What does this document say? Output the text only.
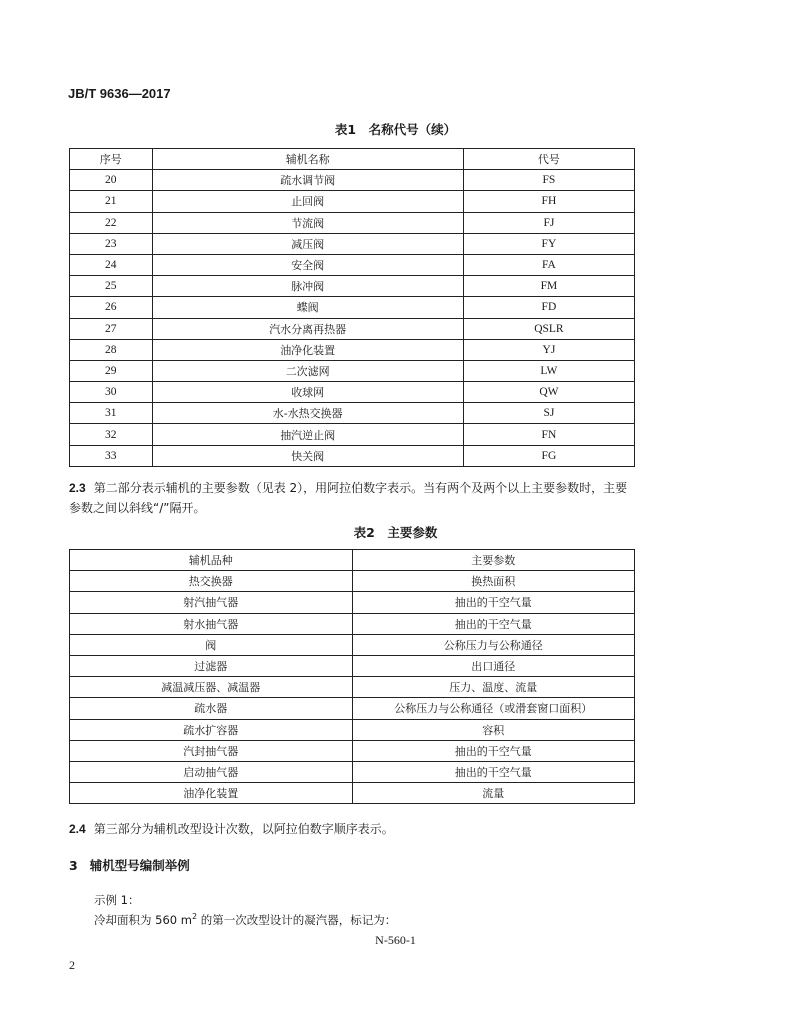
JB/T 9636—2017
表1　名称代号（续）
序号	辅机名称	代号
20	疏水调节阀	FS
21	止回阀	FH
22	节流阀	FJ
23	减压阀	FY
24	安全阀	FA
25	脉冲阀	FM
26	蝶阀	FD
27	汽水分离再热器	QSLR
28	油净化装置	YJ
29	二次滤网	LW
30	收球网	QW
31	水-水热交换器	SJ
32	抽汽逆止阀	FN
33	快关阀	FG
2.3 第二部分表示辅机的主要参数（见表 2），用阿拉伯数字表示。当有两个及两个以上主要参数时，主要参数之间以斜线“/”隔开。
表2　主要参数
辅机品种	主要参数
热交换器	换热面积
射汽抽气器	抽出的干空气量
射水抽气器	抽出的干空气量
阀	公称压力与公称通径
过滤器	出口通径
减温减压器、减温器	压力、温度、流量
疏水器	公称压力与公称通径（或滑套窗口面积）
疏水扩容器	容积
汽封抽气器	抽出的干空气量
启动抽气器	抽出的干空气量
油净化装置	流量
2.4 第三部分为辅机改型设计次数，以阿拉伯数字顺序表示。
3 辅机型号编制举例
示例 1：
冷却面积为 560 $m^2$ 的第一次改型设计的凝汽器，标记为：
N-560-1
2
